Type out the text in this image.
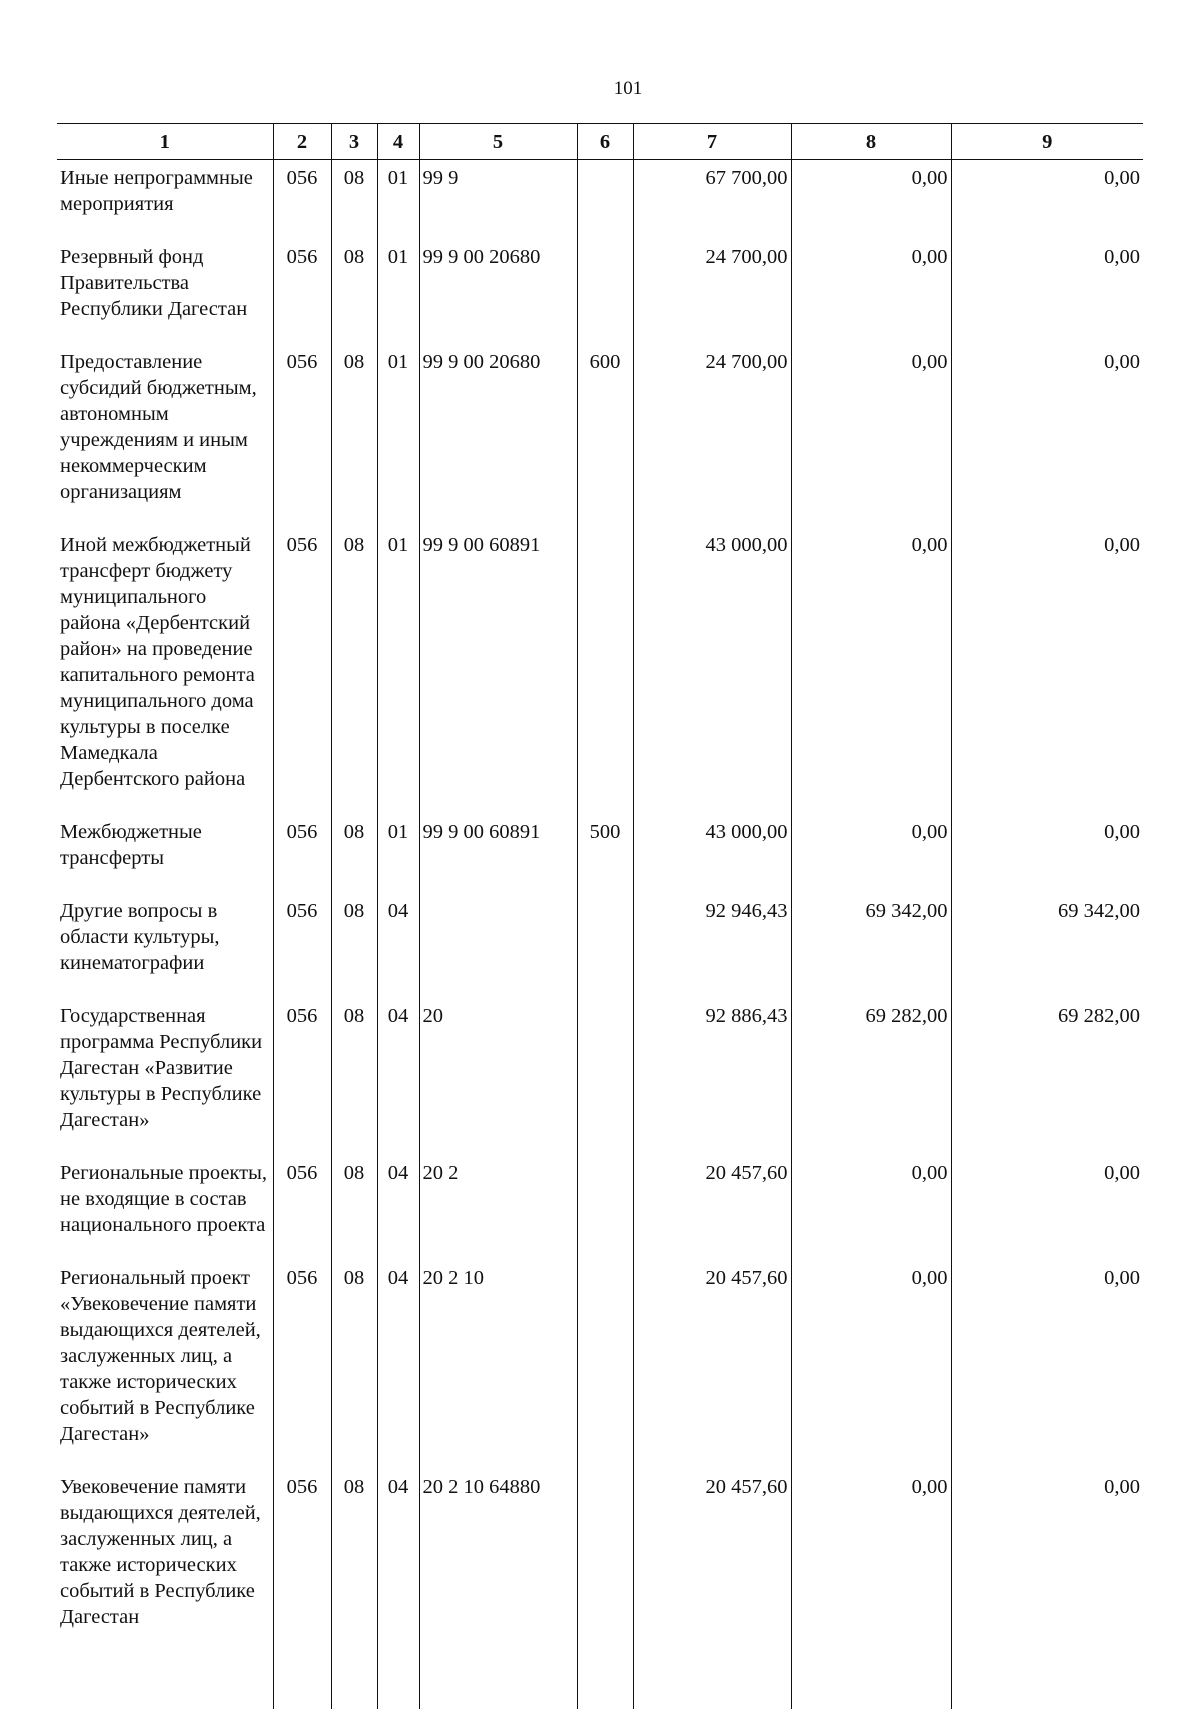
101
1	2	3	4	5	6	7	8	9
Иные непрограммные мероприятия	056	08	01	99 9		67 700,00	0,00	0,00
Резервный фонд Правительства Республики Дагестан	056	08	01	99 9 00 20680		24 700,00	0,00	0,00
Предоставление субсидий бюджетным, автономным учреждениям и иным некоммерческим организациям	056	08	01	99 9 00 20680	600	24 700,00	0,00	0,00
Иной межбюджетный трансферт бюджету муниципального района «Дербентский район» на проведение капитального ремонта муниципального дома культуры в поселке Мамедкала Дербентского района	056	08	01	99 9 00 60891		43 000,00	0,00	0,00
Межбюджетные трансферты	056	08	01	99 9 00 60891	500	43 000,00	0,00	0,00
Другие вопросы в области культуры, кинематографии	056	08	04			92 946,43	69 342,00	69 342,00
Государственная программа Республики Дагестан «Развитие культуры в Республике Дагестан»	056	08	04	20		92 886,43	69 282,00	69 282,00
Региональные проекты, не входящие в состав национального проекта	056	08	04	20 2		20 457,60	0,00	0,00
Региональный проект «Увековечение памяти выдающихся деятелей, заслуженных лиц, а также исторических событий в Республике Дагестан»	056	08	04	20 2 10		20 457,60	0,00	0,00
Увековечение памяти выдающихся деятелей, заслуженных лиц, а также исторических событий в Республике Дагестан	056	08	04	20 2 10 64880		20 457,60	0,00	0,00
